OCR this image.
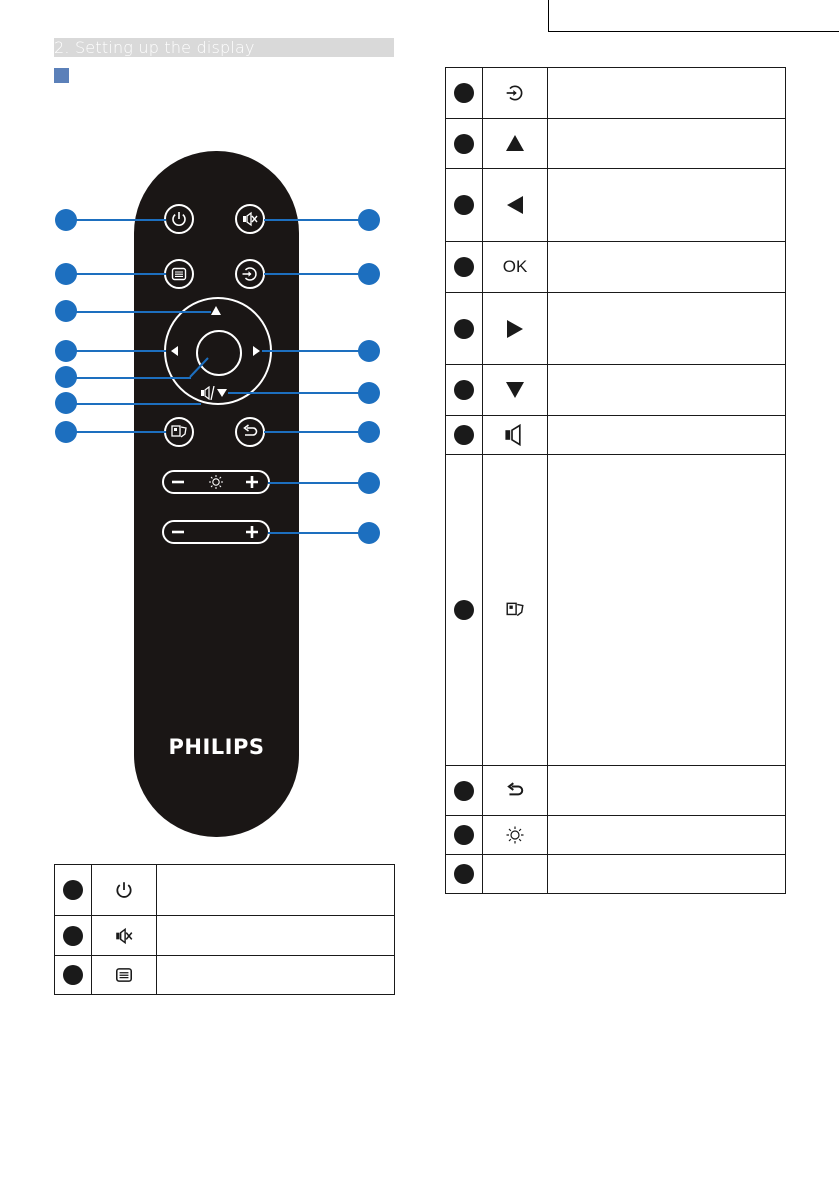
2. Setting up the display
PHILIPS

	OK	
